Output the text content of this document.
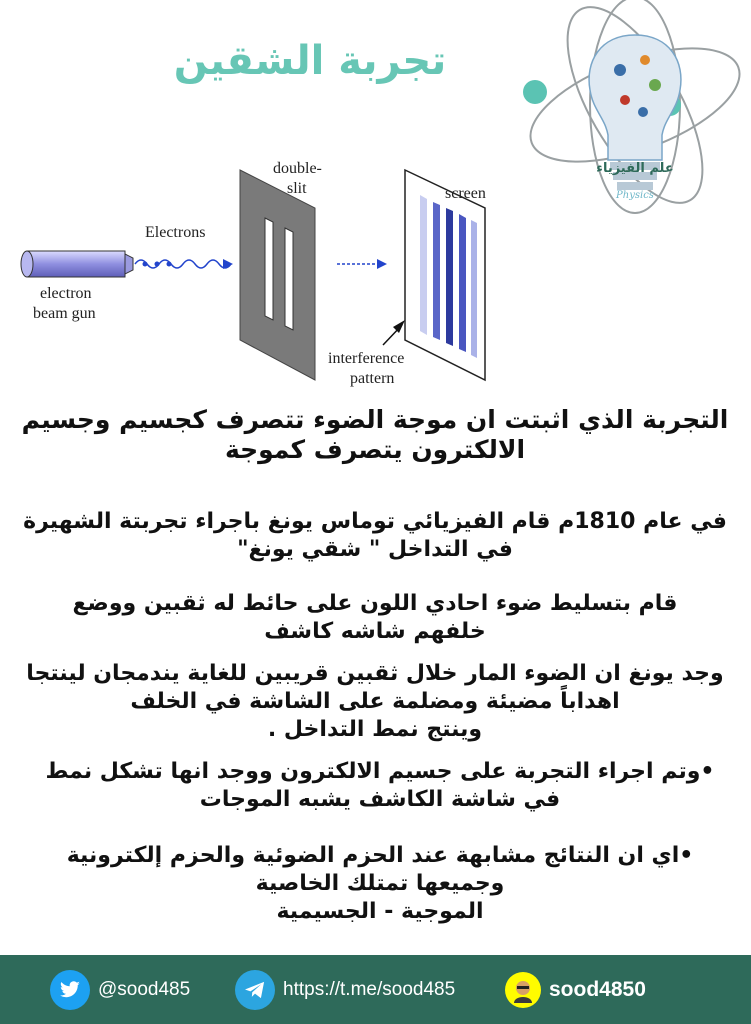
تجربة الشقين
علم الفيزياء
Physics
Electrons
electron
beam gun
double-
slit	screen
interference
pattern
التجربة الذي اثبتت ان موجة الضوء تتصرف كجسيم وجسيم
الالكترون يتصرف كموجة
في عام 1810م قام الفيزيائي توماس يونغ باجراء تجربتة الشهيرة
في التداخل " شقي يونغ"
قام بتسليط ضوء احادي اللون على حائط له ثقبين ووضع
خلفهم شاشه كاشف
وجد يونغ ان الضوء المار خلال ثقبين قريبين للغاية يندمجان لينتجا
اهداباً مضيئة ومضلمة على الشاشة في الخلف
وينتج نمط التداخل .
•وتم اجراء التجربة على جسيم الالكترون ووجد انها تشكل نمط
في شاشة الكاشف يشبه الموجات
•اي ان النتائج مشابهة عند الحزم الضوئية والحزم إلكترونية
وجميعها تمتلك الخاصية
الموجية - الجسيمية
@sood485	https://t.me/sood485	sood4850
